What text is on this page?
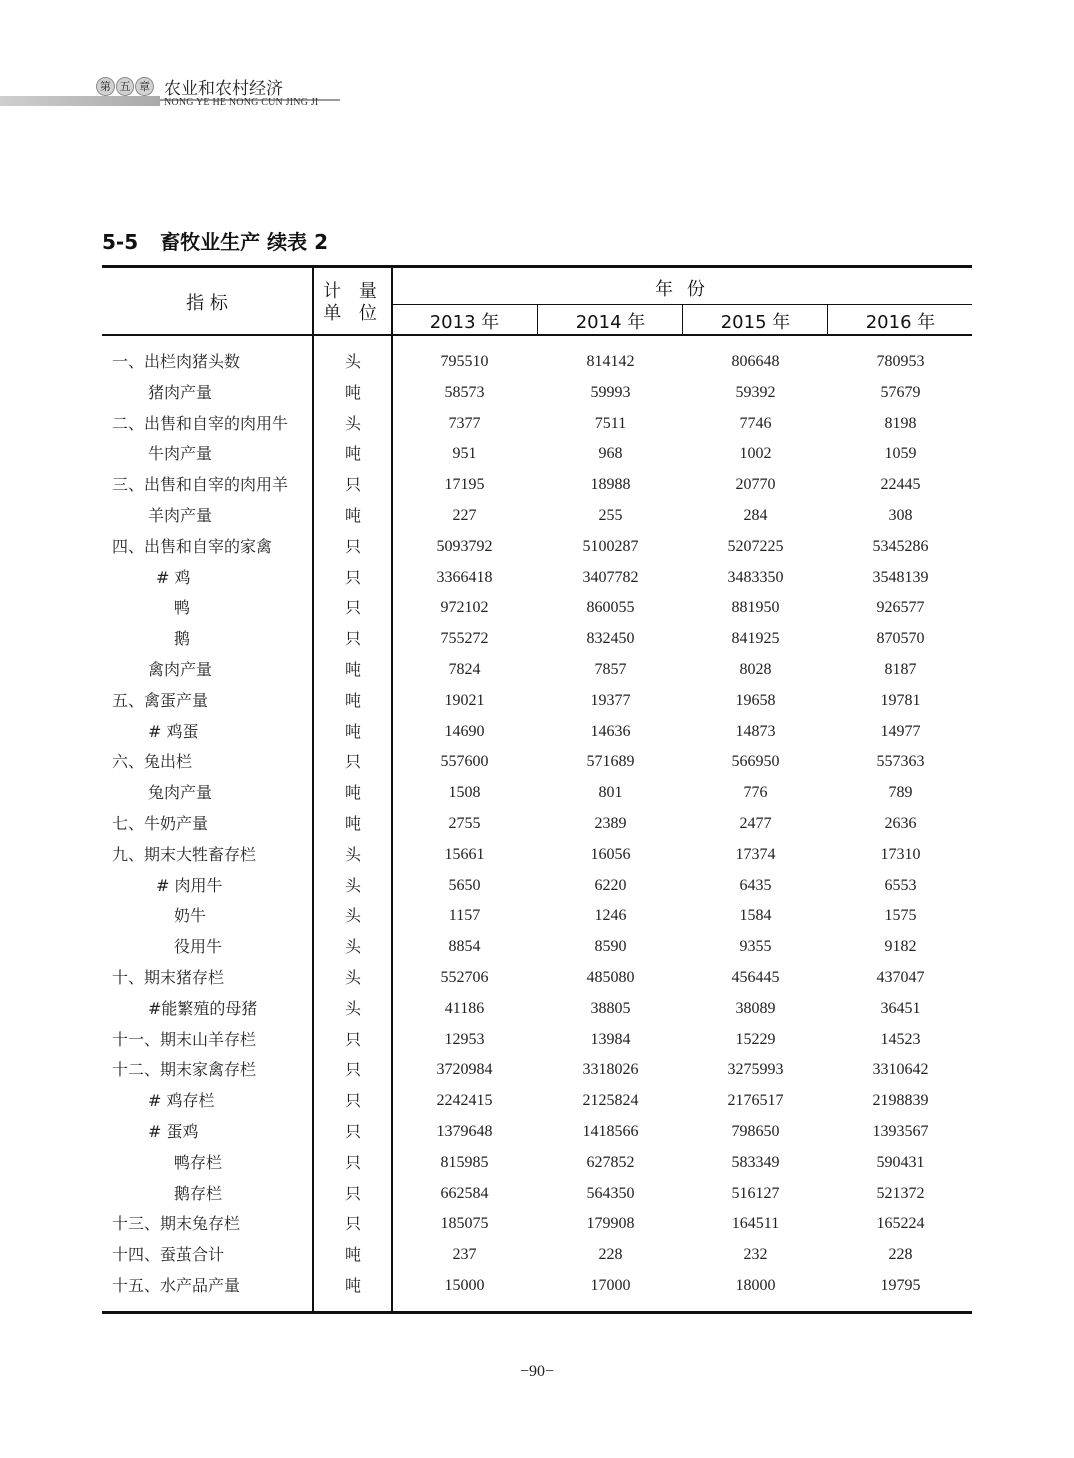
第 五 章 农业和农村经济
NONG YE HE NONG CUN JING JI
5-5 畜牧业生产 续表 2
指 标
计 量
单 位
年 份
2013 年	2014 年	2015 年	2016 年
一、出栏肉猪头数	头	795510	814142	806648	780953
猪肉产量	吨	58573	59993	59392	57679
二、出售和自宰的肉用牛	头	7377	7511	7746	8198
牛肉产量	吨	951	968	1002	1059
三、出售和自宰的肉用羊	只	17195	18988	20770	22445
羊肉产量	吨	227	255	284	308
四、出售和自宰的家禽	只	5093792	5100287	5207225	5345286
# 鸡	只	3366418	3407782	3483350	3548139
鸭	只	972102	860055	881950	926577
鹅	只	755272	832450	841925	870570
禽肉产量	吨	7824	7857	8028	8187
五、禽蛋产量	吨	19021	19377	19658	19781
# 鸡蛋	吨	14690	14636	14873	14977
六、兔出栏	只	557600	571689	566950	557363
兔肉产量	吨	1508	801	776	789
七、牛奶产量	吨	2755	2389	2477	2636
九、期末大牲畜存栏	头	15661	16056	17374	17310
# 肉用牛	头	5650	6220	6435	6553
奶牛	头	1157	1246	1584	1575
役用牛	头	8854	8590	9355	9182
十、期末猪存栏	头	552706	485080	456445	437047
#能繁殖的母猪	头	41186	38805	38089	36451
十一、期末山羊存栏	只	12953	13984	15229	14523
十二、期末家禽存栏	只	3720984	3318026	3275993	3310642
# 鸡存栏	只	2242415	2125824	2176517	2198839
# 蛋鸡	只	1379648	1418566	798650	1393567
鸭存栏	只	815985	627852	583349	590431
鹅存栏	只	662584	564350	516127	521372
十三、期末兔存栏	只	185075	179908	164511	165224
十四、蚕茧合计	吨	237	228	232	228
十五、水产品产量	吨	15000	17000	18000	19795
−90−
